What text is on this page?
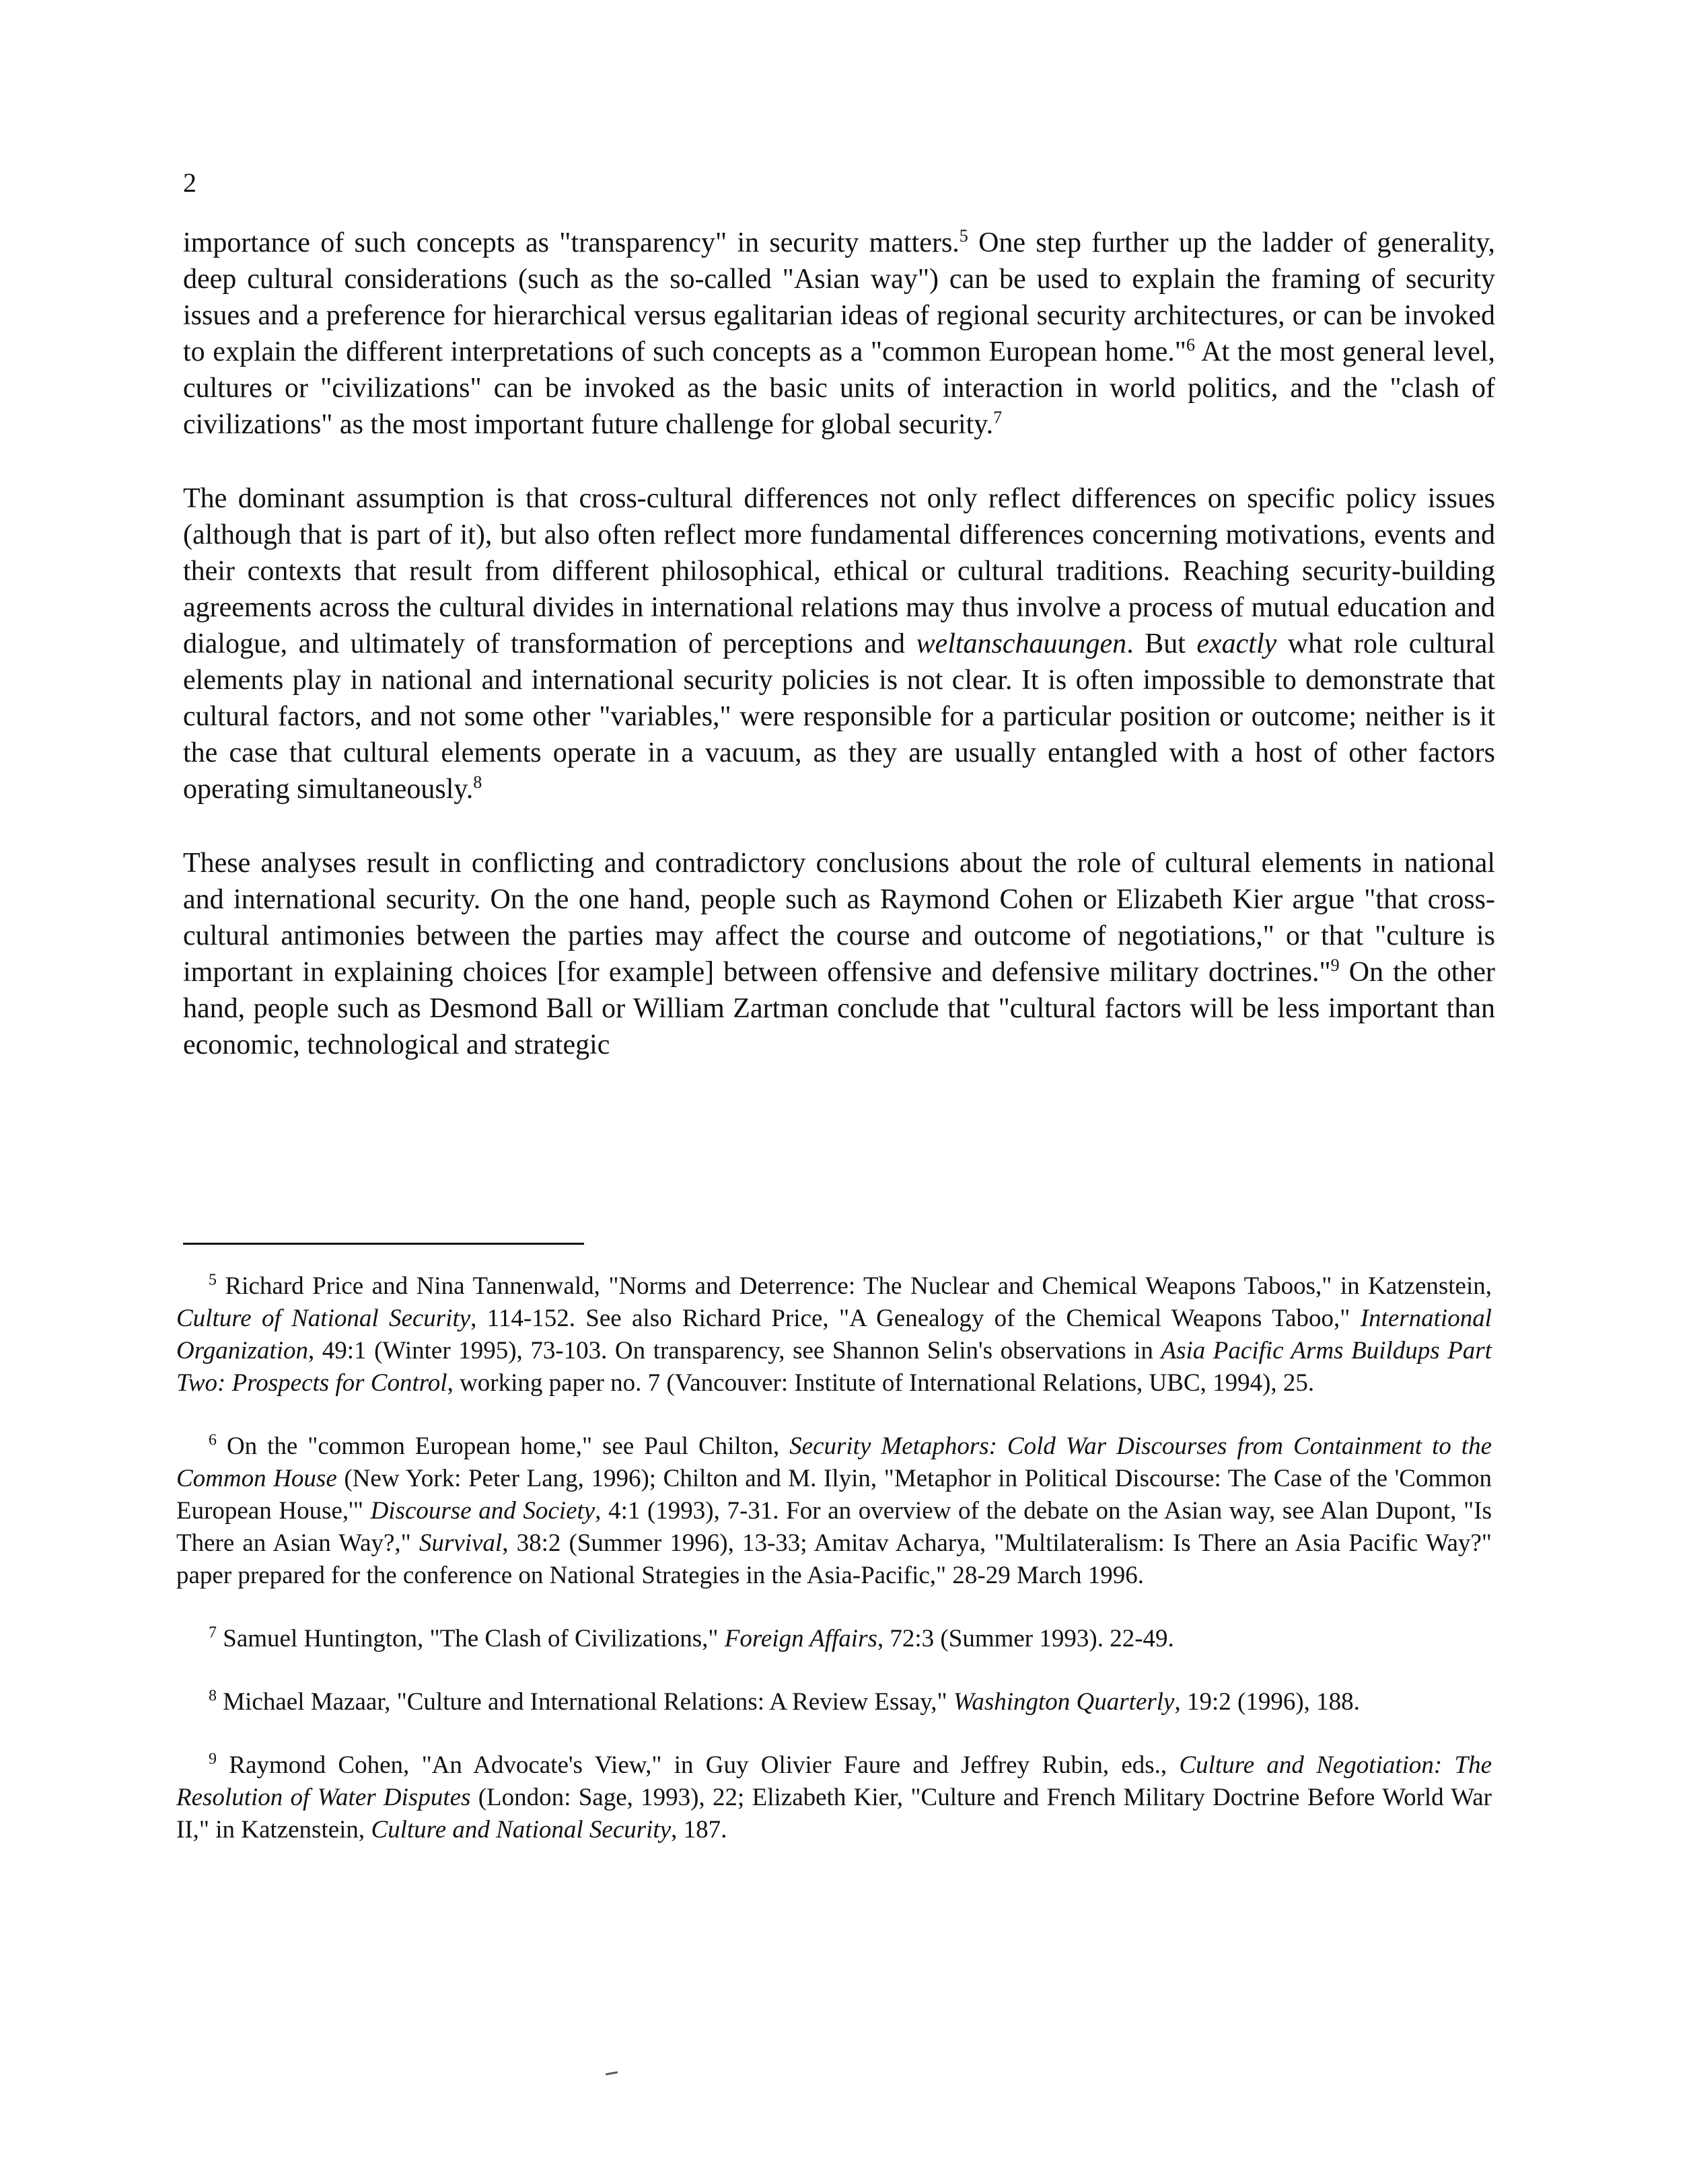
2

importance of such concepts as "transparency" in security matters.$^5$ One step further up the ladder of generality, deep cultural considerations (such as the so-called "Asian way") can be used to explain the framing of security issues and a preference for hierarchical versus egalitarian ideas of regional security architectures, or can be invoked to explain the different interpretations of such concepts as a "common European home."$^6$ At the most general level, cultures or "civilizations" can be invoked as the basic units of interaction in world politics, and the "clash of civilizations" as the most important future challenge for global security.$^7$

The dominant assumption is that cross-cultural differences not only reflect differences on specific policy issues (although that is part of it), but also often reflect more fundamental differences concerning motivations, events and their contexts that result from different philosophical, ethical or cultural traditions. Reaching security-building agreements across the cultural divides in international relations may thus involve a process of mutual education and dialogue, and ultimately of transformation of perceptions and weltanschauungen. But exactly what role cultural elements play in national and international security policies is not clear. It is often impossible to demonstrate that cultural factors, and not some other "variables," were responsible for a particular position or outcome; neither is it the case that cultural elements operate in a vacuum, as they are usually entangled with a host of other factors operating simultaneously.$^8$

These analyses result in conflicting and contradictory conclusions about the role of cultural elements in national and international security. On the one hand, people such as Raymond Cohen or Elizabeth Kier argue "that cross-cultural antimonies between the parties may affect the course and outcome of negotiations," or that "culture is important in explaining choices [for example] between offensive and defensive military doctrines."$^9$ On the other hand, people such as Desmond Ball or William Zartman conclude that "cultural factors will be less important than economic, technological and strategic

$^5$ Richard Price and Nina Tannenwald, "Norms and Deterrence: The Nuclear and Chemical Weapons Taboos," in Katzenstein, Culture of National Security, 114-152. See also Richard Price, "A Genealogy of the Chemical Weapons Taboo," International Organization, 49:1 (Winter 1995), 73-103. On transparency, see Shannon Selin's observations in Asia Pacific Arms Buildups Part Two: Prospects for Control, working paper no. 7 (Vancouver: Institute of International Relations, UBC, 1994), 25.

$^6$ On the "common European home," see Paul Chilton, Security Metaphors: Cold War Discourses from Containment to the Common House (New York: Peter Lang, 1996); Chilton and M. Ilyin, "Metaphor in Political Discourse: The Case of the 'Common European House,'" Discourse and Society, 4:1 (1993), 7-31. For an overview of the debate on the Asian way, see Alan Dupont, "Is There an Asian Way?," Survival, 38:2 (Summer 1996), 13-33; Amitav Acharya, "Multilateralism: Is There an Asia Pacific Way?" paper prepared for the conference on National Strategies in the Asia-Pacific," 28-29 March 1996.

$^7$ Samuel Huntington, "The Clash of Civilizations," Foreign Affairs, 72:3 (Summer 1993). 22-49.

$^8$ Michael Mazaar, "Culture and International Relations: A Review Essay," Washington Quarterly, 19:2 (1996), 188.

$^9$ Raymond Cohen, "An Advocate's View," in Guy Olivier Faure and Jeffrey Rubin, eds., Culture and Negotiation: The Resolution of Water Disputes (London: Sage, 1993), 22; Elizabeth Kier, "Culture and French Military Doctrine Before World War II," in Katzenstein, Culture and National Security, 187.
